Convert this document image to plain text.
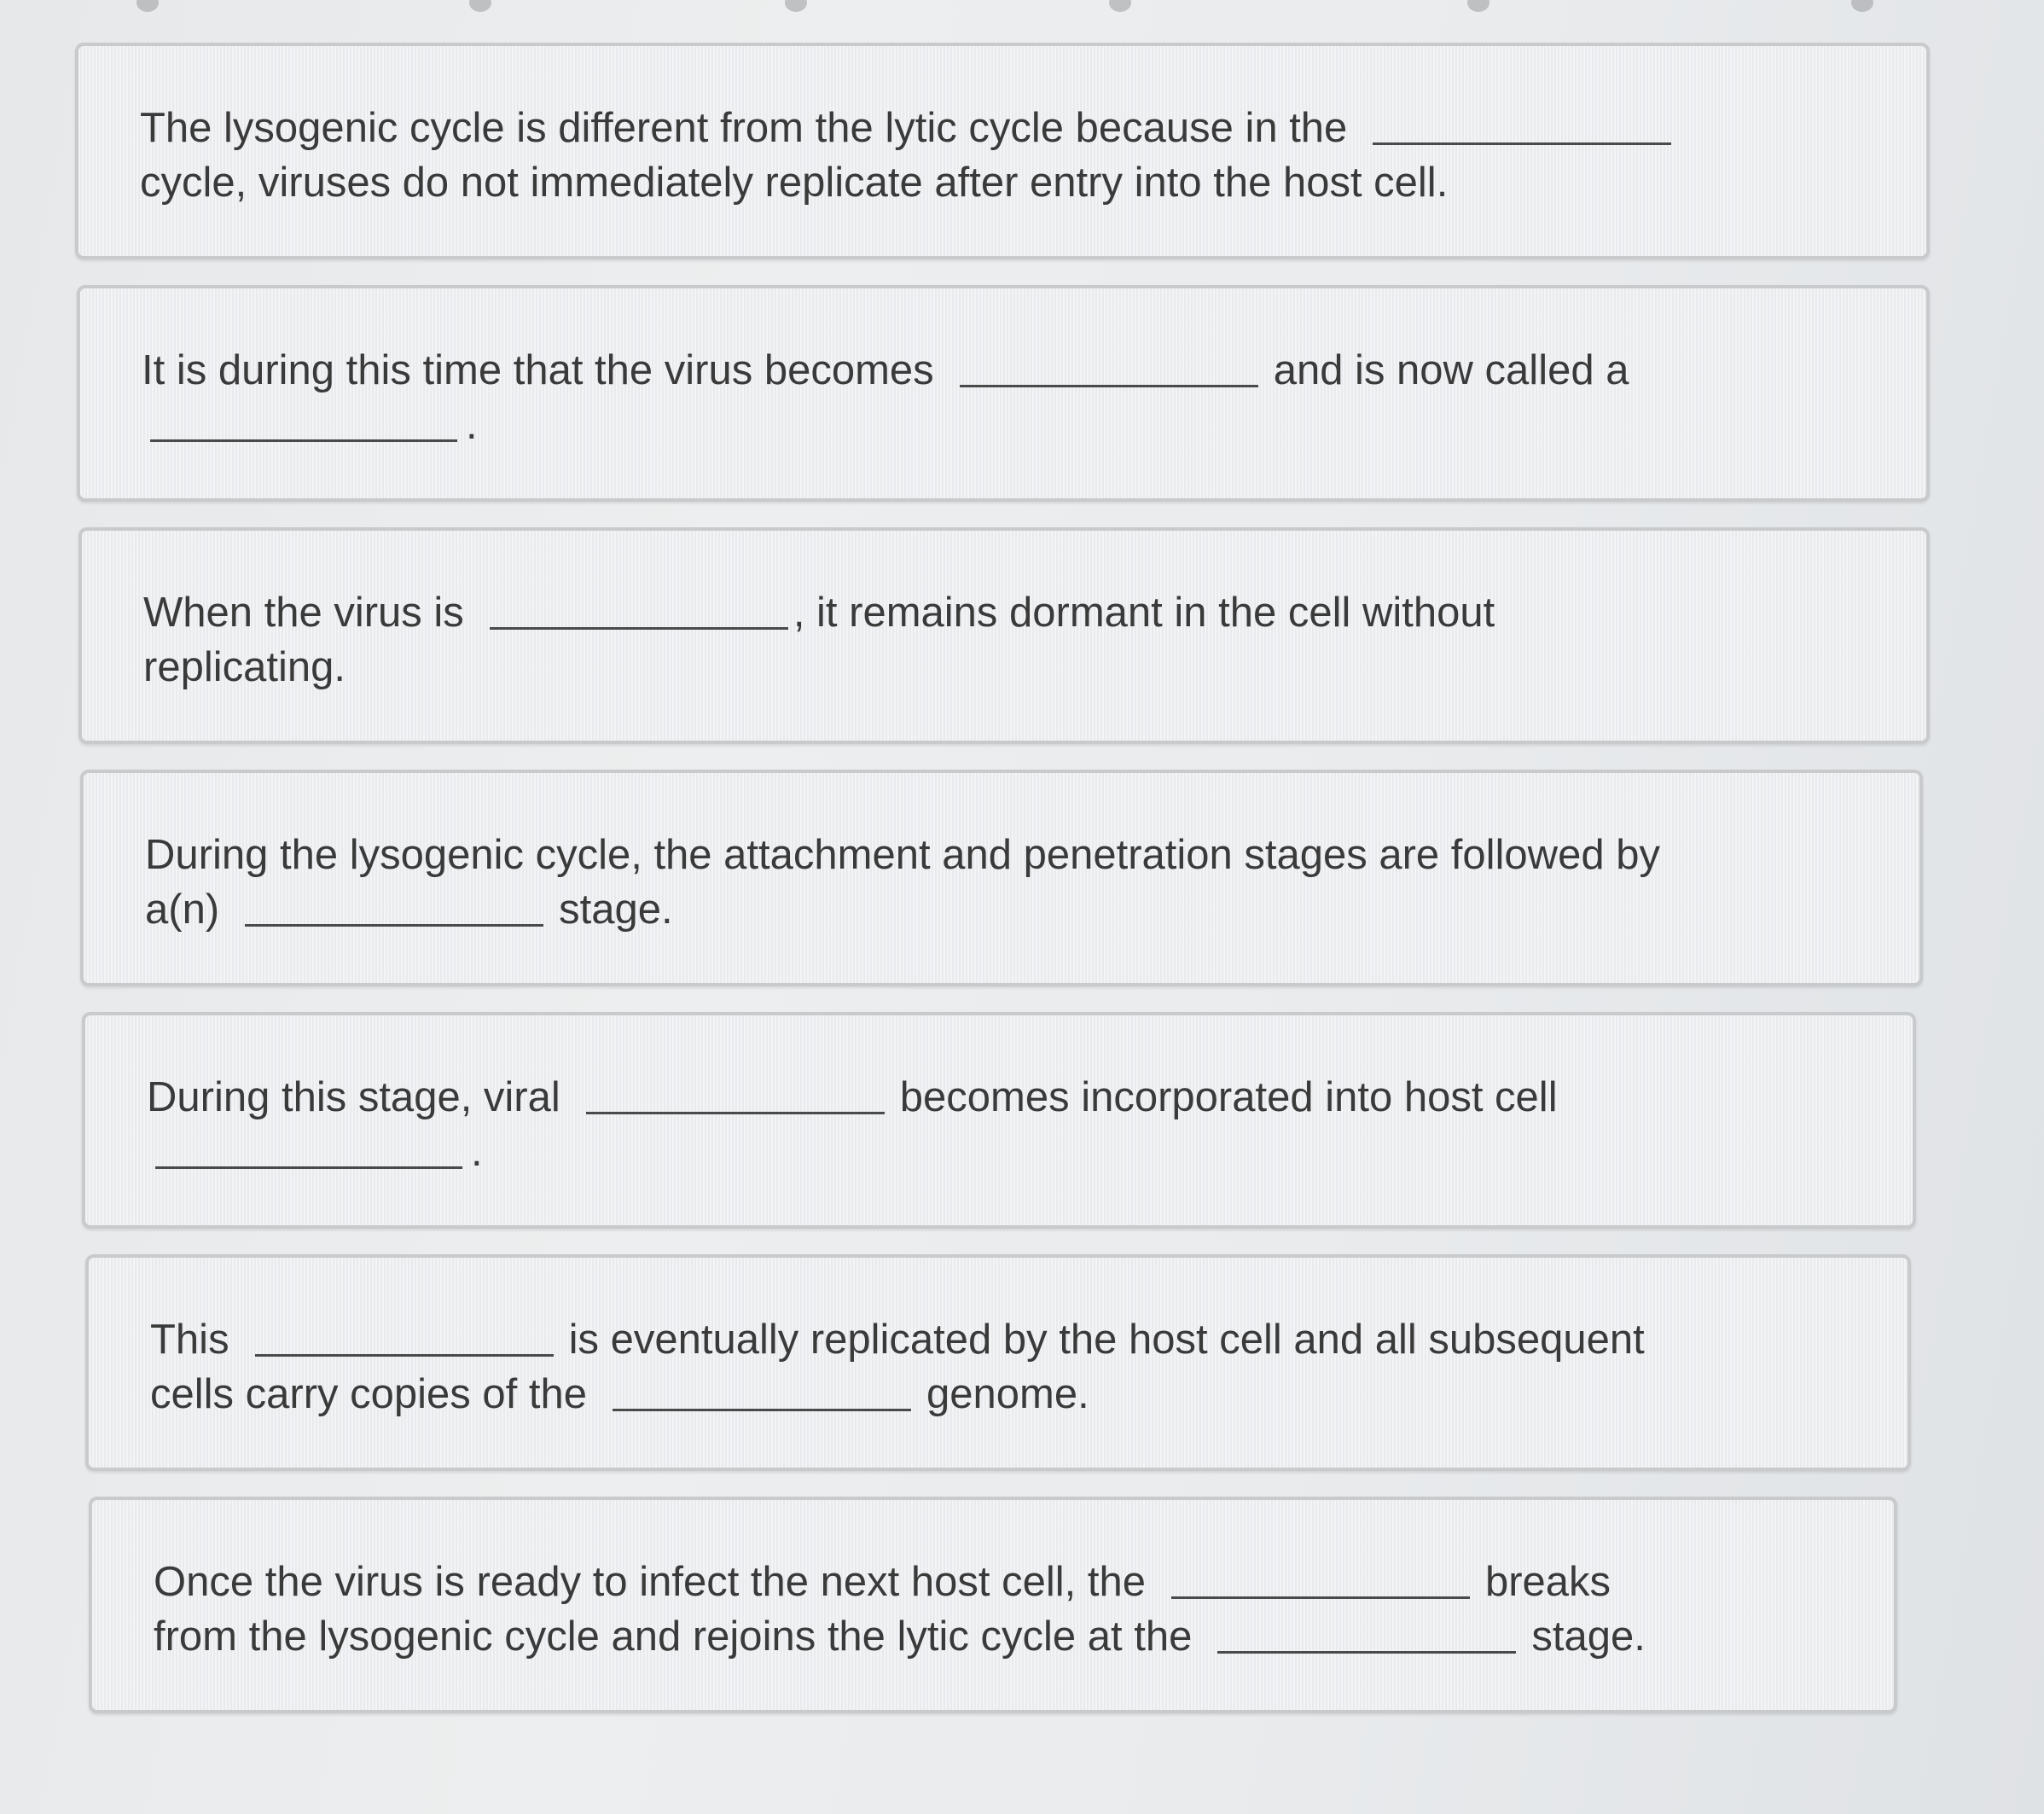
The lysogenic cycle is different from the lytic cycle because in the
cycle, viruses do not immediately replicate after entry into the host cell.
It is during this time that the virus becomes	and is now called a
.
When the virus is	, it remains dormant in the cell without
replicating.
During the lysogenic cycle, the attachment and penetration stages are followed by
a(n)	stage.
During this stage, viral	becomes incorporated into host cell
.
This	is eventually replicated by the host cell and all subsequent
cells carry copies of the	genome.
Once the virus is ready to infect the next host cell, the	breaks
from the lysogenic cycle and rejoins the lytic cycle at the	stage.
